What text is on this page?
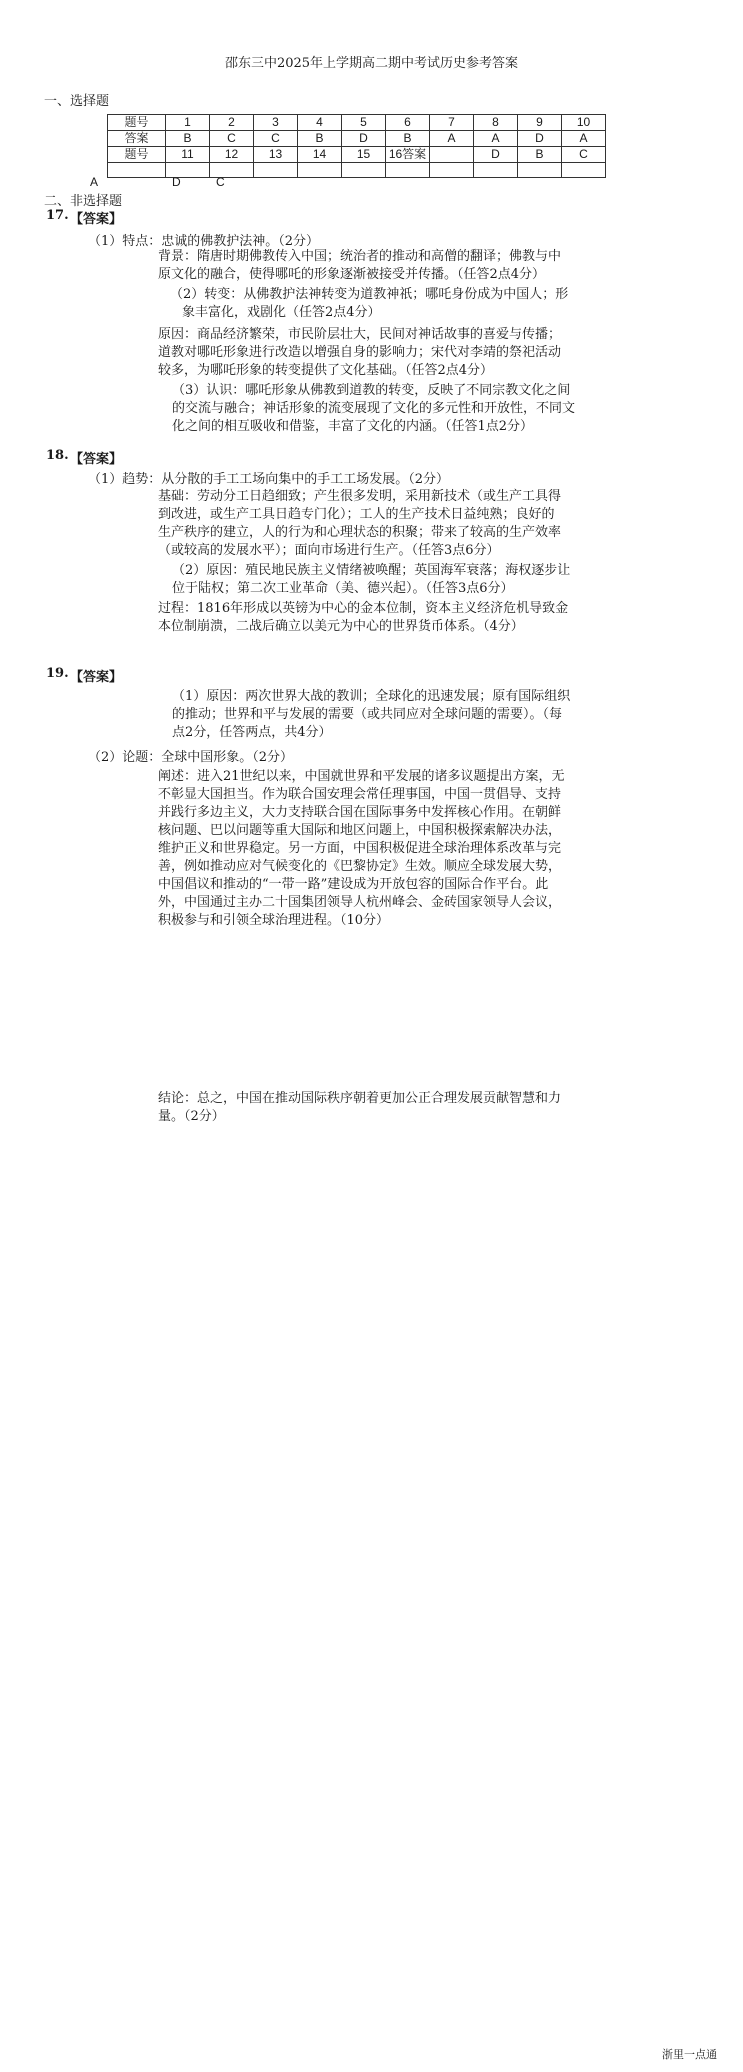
邵东三中2025年上学期高二期中考试历史参考答案
一、选择题
题号	1	2	3	4	5	6	7	8	9	10
答案	B	C	C	B	D	B	A	A	D	A
题号	11	12	13	14	15	16答案		D	B	C

A	D	C
二、非选择题
17. 【答案】
（1）特点：忠诚的佛教护法神。（2分）
背景：隋唐时期佛教传入中国；统治者的推动和高僧的翻译；佛教与中
原文化的融合，使得哪吒的形象逐渐被接受并传播。（任答2点4分）
（2）转变：从佛教护法神转变为道教神祇；哪吒身份成为中国人；形
象丰富化，戏剧化（任答2点4分）
原因：商品经济繁荣，市民阶层壮大，民间对神话故事的喜爱与传播；
道教对哪吒形象进行改造以增强自身的影响力；宋代对李靖的祭祀活动
较多，为哪吒形象的转变提供了文化基础。（任答2点4分）
（3）认识：哪吒形象从佛教到道教的转变，反映了不同宗教文化之间
的交流与融合；神话形象的流变展现了文化的多元性和开放性，不同文
化之间的相互吸收和借鉴，丰富了文化的内涵。（任答1点2分）
18. 【答案】
（1）趋势：从分散的手工工场向集中的手工工场发展。（2分）
基础：劳动分工日趋细致；产生很多发明，采用新技术（或生产工具得
到改进，或生产工具日趋专门化）；工人的生产技术日益纯熟；良好的
生产秩序的建立，人的行为和心理状态的积聚；带来了较高的生产效率
（或较高的发展水平）；面向市场进行生产。（任答3点6分）
（2）原因：殖民地民族主义情绪被唤醒；英国海军衰落；海权逐步让
位于陆权；第二次工业革命（美、德兴起）。（任答3点6分）
过程：1816年形成以英镑为中心的金本位制，资本主义经济危机导致金
本位制崩溃，二战后确立以美元为中心的世界货币体系。（4分）
19. 【答案】
（1）原因：两次世界大战的教训；全球化的迅速发展；原有国际组织
的推动；世界和平与发展的需要（或共同应对全球问题的需要）。（每
点2分，任答两点，共4分）
（2）论题：全球中国形象。（2分）
阐述：进入21世纪以来，中国就世界和平发展的诸多议题提出方案，无
不彰显大国担当。作为联合国安理会常任理事国，中国一贯倡导、支持
并践行多边主义，大力支持联合国在国际事务中发挥核心作用。在朝鲜
核问题、巴以问题等重大国际和地区问题上，中国积极探索解决办法，
维护正义和世界稳定。另一方面，中国积极促进全球治理体系改革与完
善，例如推动应对气候变化的《巴黎协定》生效。顺应全球发展大势，
中国倡议和推动的“一带一路”建设成为开放包容的国际合作平台。此
外，中国通过主办二十国集团领导人杭州峰会、金砖国家领导人会议，
积极参与和引领全球治理进程。（10分）
结论：总之，中国在推动国际秩序朝着更加公正合理发展贡献智慧和力
量。（2分）
浙里一点通
